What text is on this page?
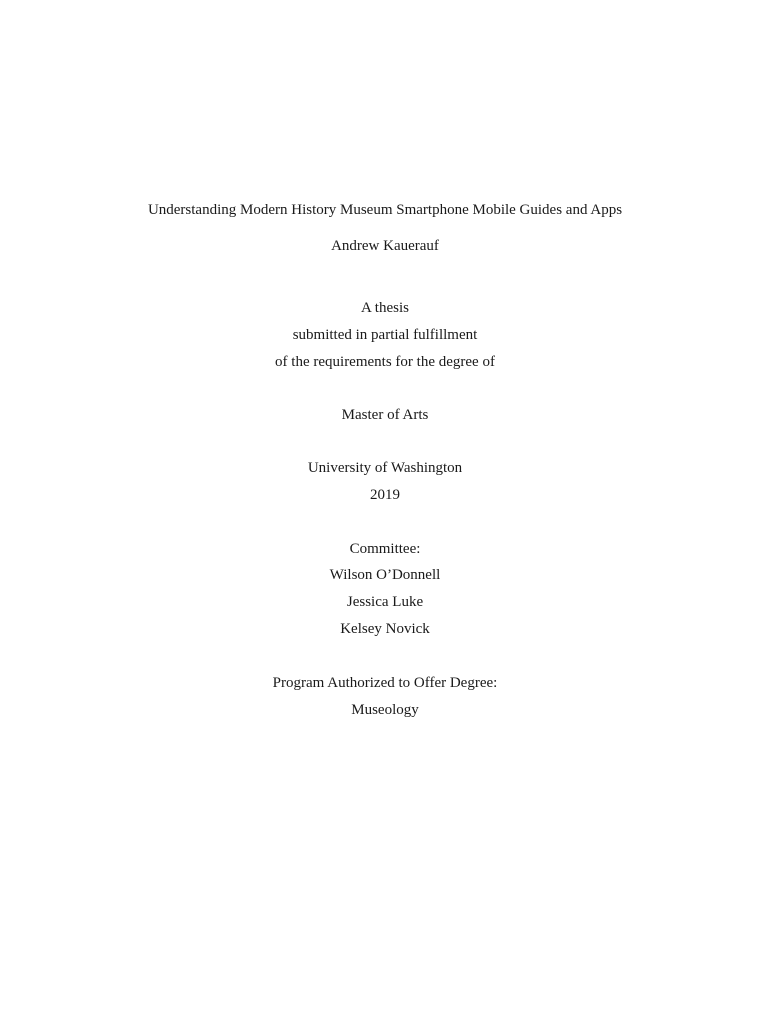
Understanding Modern History Museum Smartphone Mobile Guides and Apps
Andrew Kauerauf
A thesis
submitted in partial fulfillment
of the requirements for the degree of
Master of Arts
University of Washington
2019
Committee:
Wilson O’Donnell
Jessica Luke
Kelsey Novick
Program Authorized to Offer Degree:
Museology
